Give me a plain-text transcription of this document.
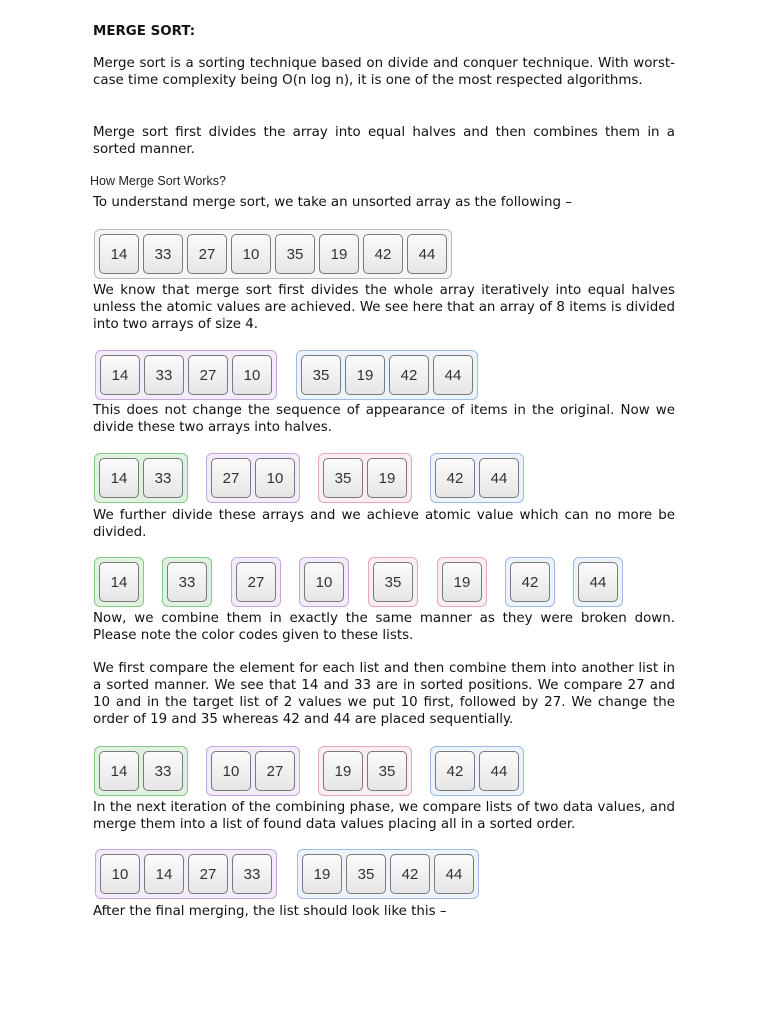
MERGE SORT:

Merge sort is a sorting technique based on divide and conquer technique. With worst-case time complexity being O(n log n), it is one of the most respected algorithms.

Merge sort first divides the array into equal halves and then combines them in a sorted manner.

How Merge Sort Works?

To understand merge sort, we take an unsorted array as the following –

14	33	27	10	35	19	42	44

We know that merge sort first divides the whole array iteratively into equal halves unless the atomic values are achieved. We see here that an array of 8 items is divided into two arrays of size 4.

14	33	27	10	35	19	42	44

This does not change the sequence of appearance of items in the original. Now we divide these two arrays into halves.

14	33	27	10	35	19	42	44

We further divide these arrays and we achieve atomic value which can no more be divided.

14	33	27	10	35	19	42	44

Now, we combine them in exactly the same manner as they were broken down. Please note the color codes given to these lists.

We first compare the element for each list and then combine them into another list in a sorted manner. We see that 14 and 33 are in sorted positions. We compare 27 and 10 and in the target list of 2 values we put 10 first, followed by 27. We change the order of 19 and 35 whereas 42 and 44 are placed sequentially.

14	33	10	27	19	35	42	44

In the next iteration of the combining phase, we compare lists of two data values, and merge them into a list of found data values placing all in a sorted order.

10	14	27	33	19	35	42	44

After the final merging, the list should look like this –
